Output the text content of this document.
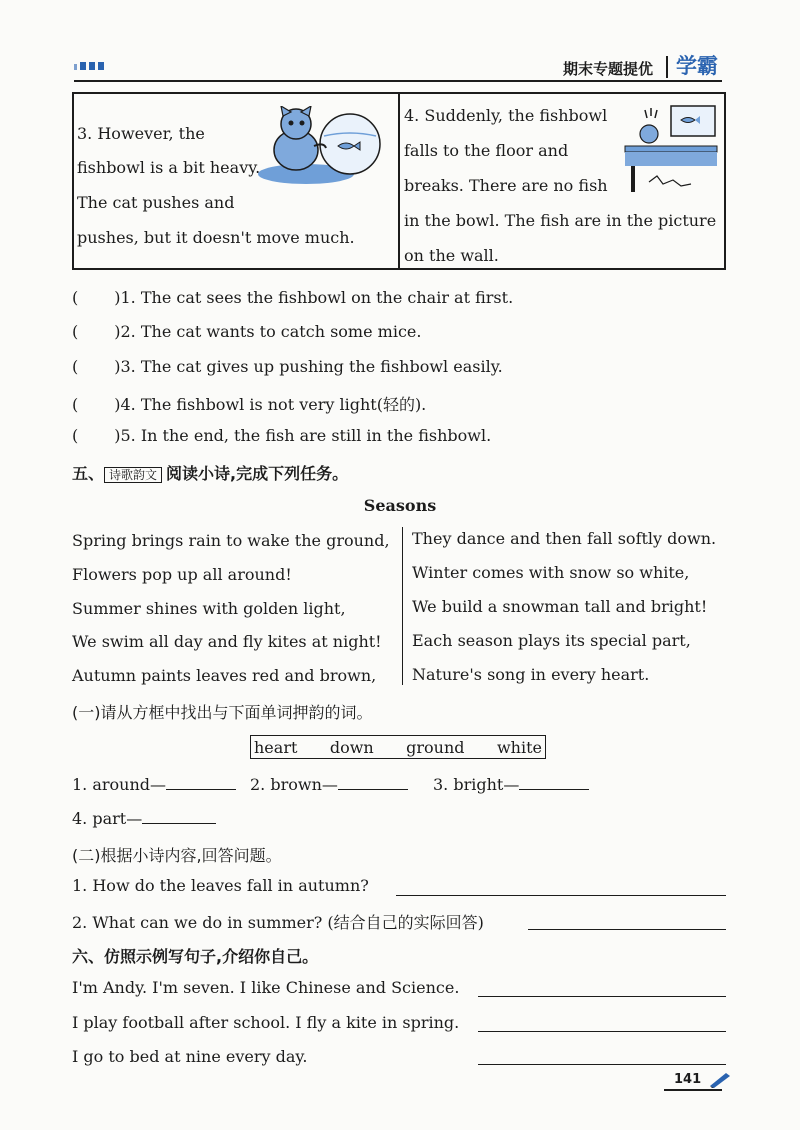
期末专题提优 学霸
3. However, the
fishbowl is a bit heavy.
The cat pushes and
pushes, but it doesn't move much.
4. Suddenly, the fishbowl
falls to the floor and
breaks. There are no fish
in the bowl. The fish are in the picture
on the wall.
( )1. The cat sees the fishbowl on the chair at first.
( )2. The cat wants to catch some mice.
( )3. The cat gives up pushing the fishbowl easily.
( )4. The fishbowl is not very light(轻的).
( )5. In the end, the fish are still in the fishbowl.
五、 诗歌韵文 阅读小诗,完成下列任务。
Seasons
Spring brings rain to wake the ground,
Flowers pop up all around!
Summer shines with golden light,
We swim all day and fly kites at night!
Autumn paints leaves red and brown,
They dance and then fall softly down.
Winter comes with snow so white,
We build a snowman tall and bright!
Each season plays its special part,
Nature's song in every heart.
(一)请从方框中找出与下面单词押韵的词。
heart down ground white
1. around—	2. brown—	3. bright—
4. part—
(二)根据小诗内容,回答问题。
1. How do the leaves fall in autumn?
2. What can we do in summer? (结合自己的实际回答)
六、仿照示例写句子,介绍你自己。
I'm Andy. I'm seven. I like Chinese and Science.
I play football after school. I fly a kite in spring.
I go to bed at nine every day.
141
